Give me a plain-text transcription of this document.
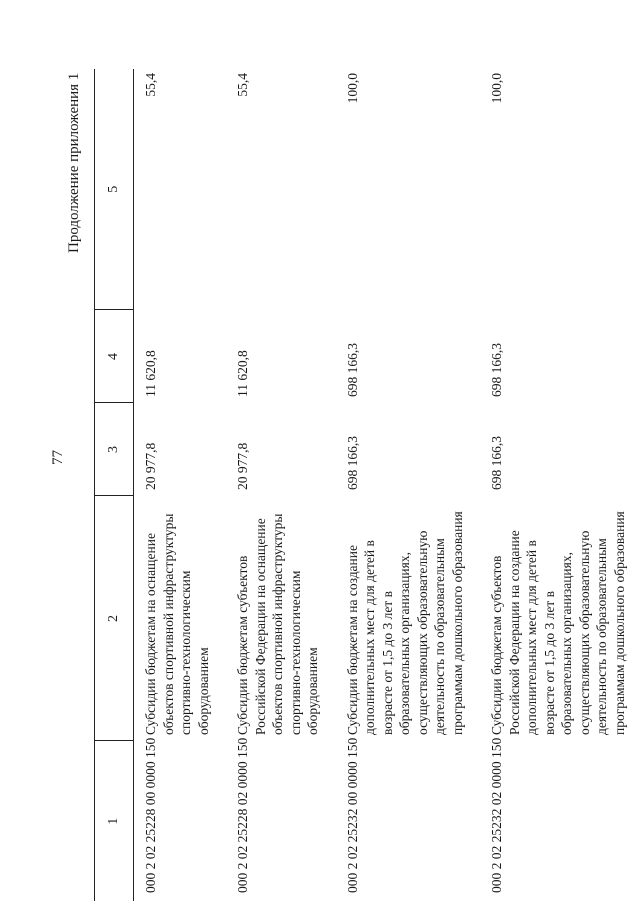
77
Продолжение приложения 1
1	2	3	4	5
000 2 02 25228 00 0000 150	Субсидии бюджетам на оснащение объектов спортивной инфраструктуры спортивно-технологическим оборудованием	20 977,8	11 620,8	55,4
000 2 02 25228 02 0000 150	Субсидии бюджетам субъектов Российской Федерации на оснащение объектов спортивной инфраструктуры спортивно-технологическим оборудованием	20 977,8	11 620,8	55,4
000 2 02 25232 00 0000 150	Субсидии бюджетам на создание дополнительных мест для детей в возрасте от 1,5 до 3 лет в образовательных организациях, осуществляющих образовательную деятельность по образовательным программам дошкольного образования	698 166,3	698 166,3	100,0
000 2 02 25232 02 0000 150	Субсидии бюджетам субъектов Российской Федерации на создание дополнительных мест для детей в возрасте от 1,5 до 3 лет в образовательных организациях, осуществляющих образовательную деятельность по образовательным программам дошкольного образования	698 166,3	698 166,3	100,0
